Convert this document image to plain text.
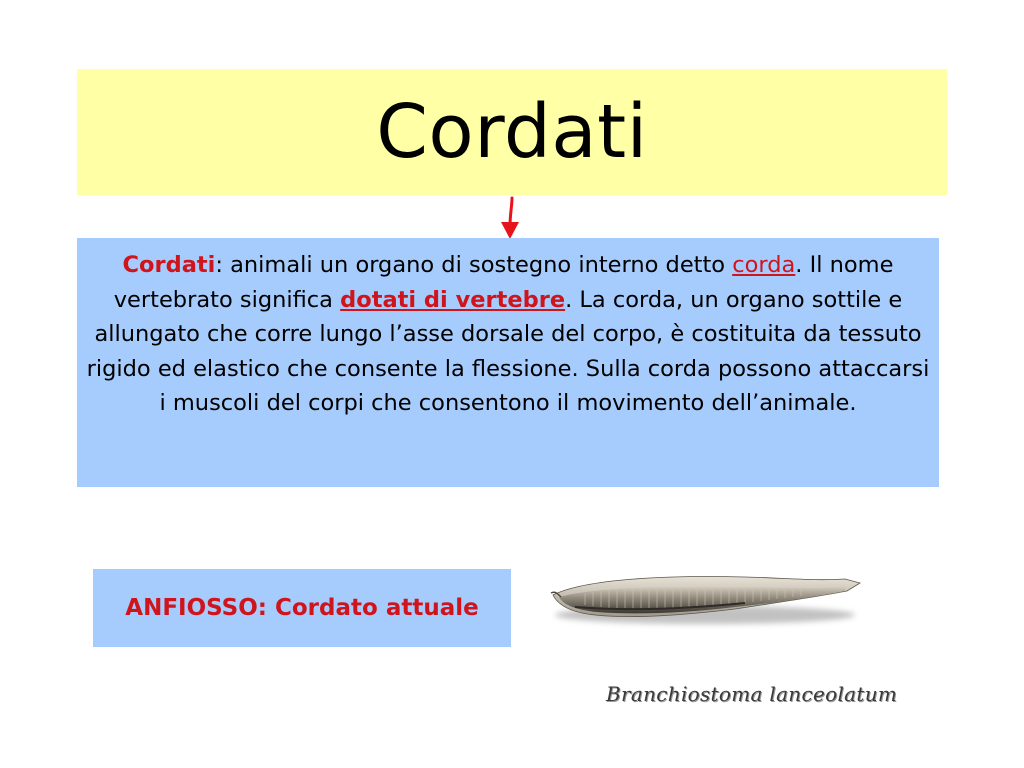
Cordati
Cordati: animali un organo di sostegno interno detto corda. Il nome vertebrato significa dotati di vertebre. La corda, un organo sottile e allungato che corre lungo l’asse dorsale del corpo, è costituita da tessuto rigido ed elastico che consente la flessione. Sulla corda possono attaccarsi i muscoli del corpi che consentono il movimento dell’animale.
ANFIOSSO: Cordato attuale
Branchiostoma lanceolatum
